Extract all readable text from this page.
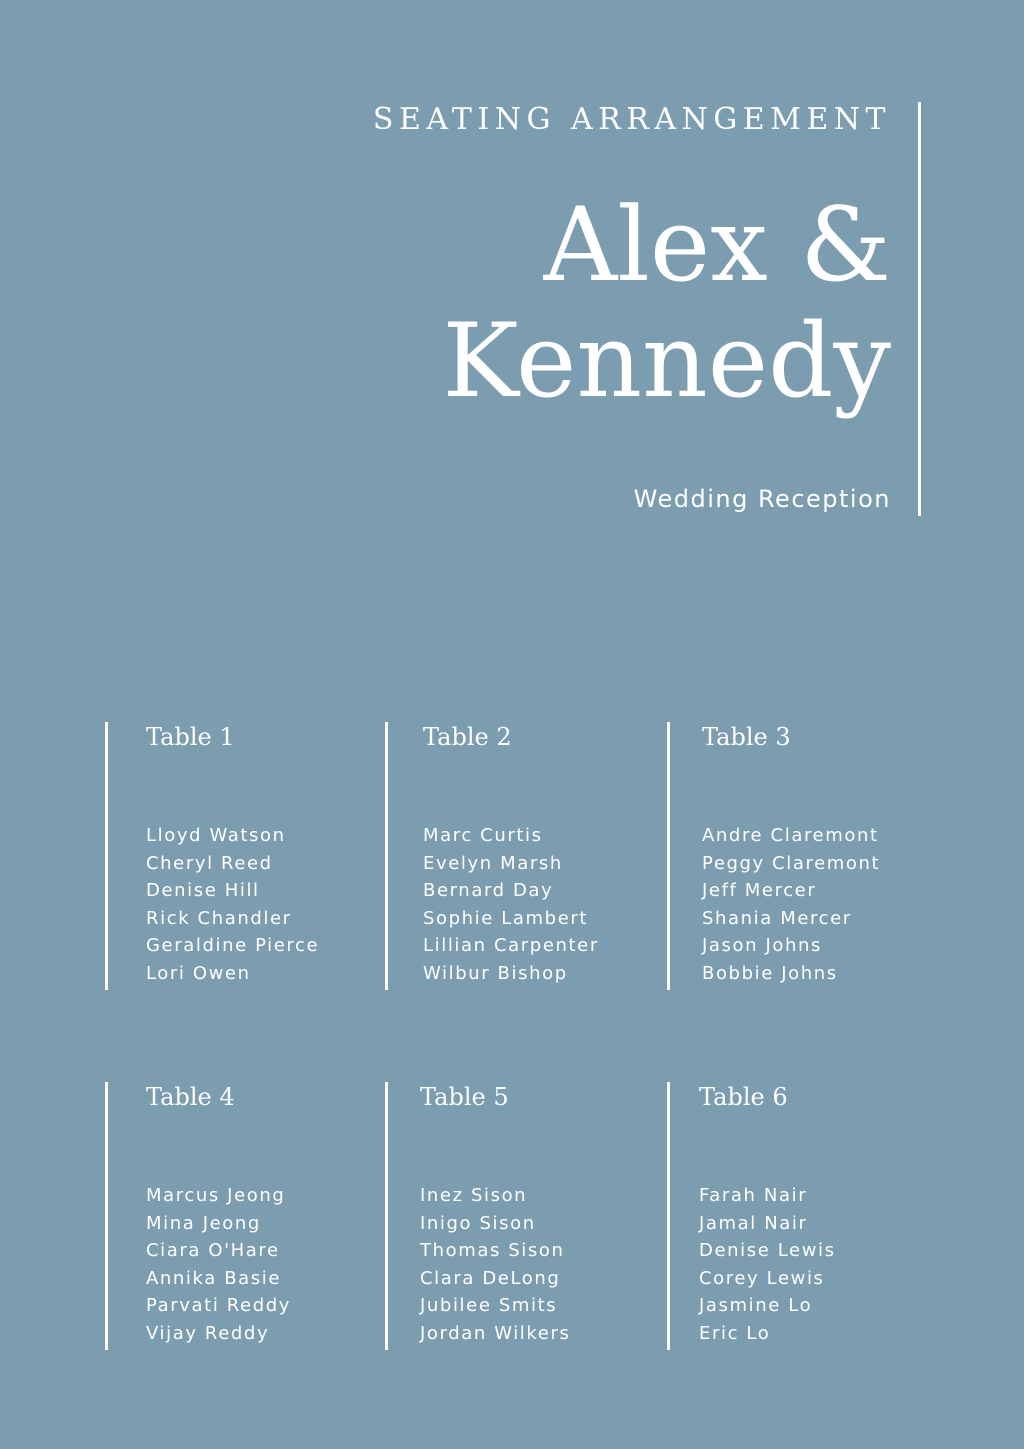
SEATING ARRANGEMENT
Alex &
Kennedy
Wedding Reception
Table 1
Lloyd Watson
Cheryl Reed
Denise Hill
Rick Chandler
Geraldine Pierce
Lori Owen
Table 2
Marc Curtis
Evelyn Marsh
Bernard Day
Sophie Lambert
Lillian Carpenter
Wilbur Bishop
Table 3
Andre Claremont
Peggy Claremont
Jeff Mercer
Shania Mercer
Jason Johns
Bobbie Johns
Table 4
Marcus Jeong
Mina Jeong
Ciara O'Hare
Annika Basie
Parvati Reddy
Vijay Reddy
Table 5
Inez Sison
Inigo Sison
Thomas Sison
Clara DeLong
Jubilee Smits
Jordan Wilkers
Table 6
Farah Nair
Jamal Nair
Denise Lewis
Corey Lewis
Jasmine Lo
Eric Lo
